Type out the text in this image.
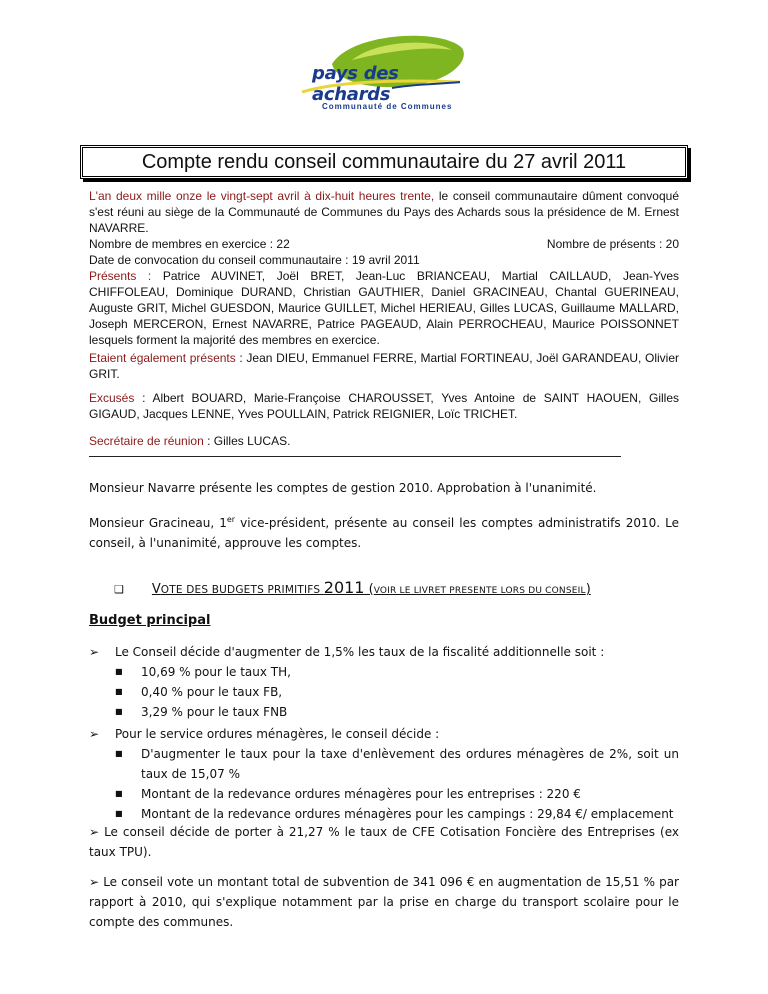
pays des achards
Communauté de Communes
Compte rendu conseil communautaire du 27 avril 2011
L'an deux mille onze le vingt-sept avril à dix-huit heures trente, le conseil communautaire dûment convoqué s'est réuni au siège de la Communauté de Communes du Pays des Achards sous la présidence de M. Ernest NAVARRE.
Nombre de membres en exercice : 22	Nombre de présents : 20
Date de convocation du conseil communautaire : 19 avril 2011
Présents : Patrice AUVINET, Joël BRET, Jean-Luc BRIANCEAU, Martial CAILLAUD, Jean-Yves CHIFFOLEAU, Dominique DURAND, Christian GAUTHIER, Daniel GRACINEAU, Chantal GUERINEAU, Auguste GRIT, Michel GUESDON, Maurice GUILLET, Michel HERIEAU, Gilles LUCAS, Guillaume MALLARD, Joseph MERCERON, Ernest NAVARRE, Patrice PAGEAUD, Alain PERROCHEAU, Maurice POISSONNET lesquels forment la majorité des membres en exercice.
Etaient également présents : Jean DIEU, Emmanuel FERRE, Martial FORTINEAU, Joël GARANDEAU, Olivier GRIT.
Excusés : Albert BOUARD, Marie-Françoise CHAROUSSET, Yves Antoine de SAINT HAOUEN, Gilles GIGAUD, Jacques LENNE, Yves POULLAIN, Patrick REIGNIER, Loïc TRICHET.
Secrétaire de réunion : Gilles LUCAS.
Monsieur Navarre présente les comptes de gestion 2010. Approbation à l'unanimité.
Monsieur Gracineau, 1er vice-président, présente au conseil les comptes administratifs 2010. Le conseil, à l'unanimité, approuve les comptes.
❑ VOTE DES BUDGETS PRIMITIFS 2011 (VOIR LE LIVRET PRESENTE LORS DU CONSEIL)
Budget principal
➢	Le Conseil décide d'augmenter de 1,5% les taux de la fiscalité additionnelle soit :
■	10,69 % pour le taux TH,
■	0,40 % pour le taux FB,
■	3,29 % pour le taux FNB
➢	Pour le service ordures ménagères, le conseil décide :
■	D'augmenter le taux pour la taxe d'enlèvement des ordures ménagères de 2%, soit un taux de 15,07 %
■	Montant de la redevance ordures ménagères pour les entreprises : 220 €
■	Montant de la redevance ordures ménagères pour les campings : 29,84 €/ emplacement
➢ Le conseil décide de porter à 21,27 % le taux de CFE Cotisation Foncière des Entreprises (ex taux TPU).
➢ Le conseil vote un montant total de subvention de 341 096 € en augmentation de 15,51 % par rapport à 2010, qui s'explique notamment par la prise en charge du transport scolaire pour le compte des communes.
